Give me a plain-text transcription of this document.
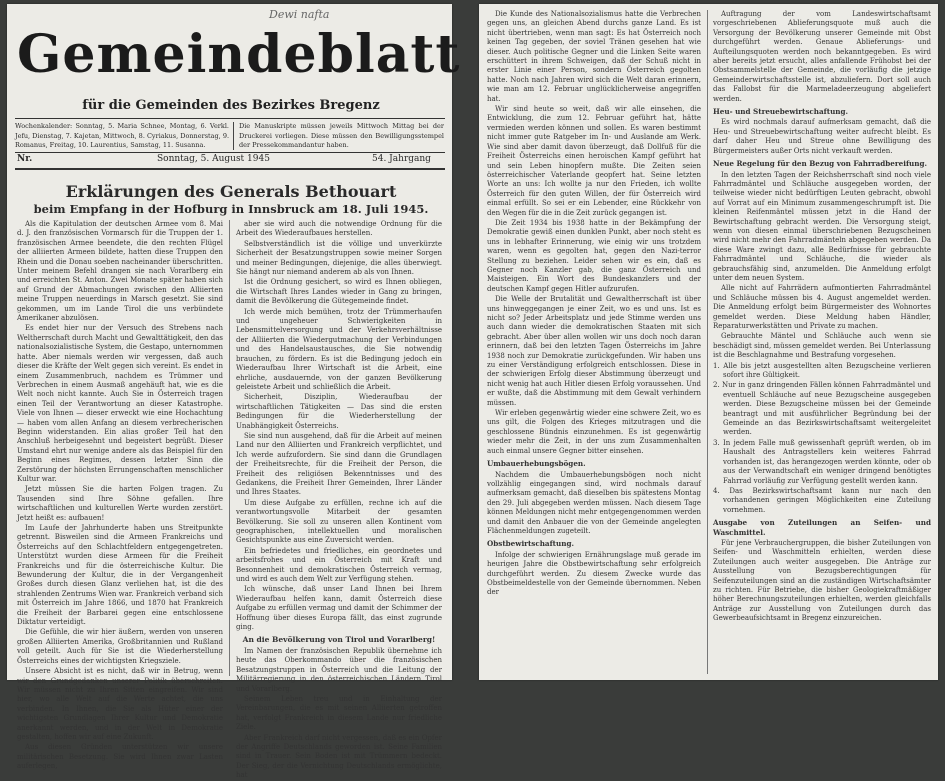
Dewi nafta
Gemeindeblatt
für die Gemeinden des Bezirkes Bregenz
Wochenkalender: Sonntag, 5. Maria Schnee, Montag, 6. Verkl. Jefu, Dienstag, 7. Kajetan, Mittwoch, 8. Cyriakus, Donnerstag, 9. Romanus, Freitag, 10. Laurentius, Samstag, 11. Susanna.
Die Manuskripte müssen jeweils Mittwoch Mittag bei der Druckerei vorliegen. Diese müssen den Bewilligungsstempel der Pressekommandantur haben.
Nr.	Sonntag, 5. August 1945	54. Jahrgang
Erklärungen des Generals Bethouart
beim Empfang in der Hofburg in Innsbruck am 18. Juli 1945.

Als die Kapitulation der deutschen Armee vom 8. Mai d. J. den französischen Vormarsch für die Truppen der 1. französischen Armee beendete, die den rechten Flügel der alliierten Armeen bildete, hatten diese Truppen den Rhein und die Donau soeben nacheinander überschritten. Unter meinem Befehl drangen sie nach Vorarlberg ein und erreichten St. Anton. Zwei Monate später haben sich auf Grund der Abmachungen zwischen den Alliierten meine Truppen neuerdings in Marsch gesetzt. Sie sind gekommen, um im Lande Tirol die uns verbündete Amerikaner abzulösen.

Es endet hier nur der Versuch des Strebens nach Weltherrschaft durch Macht und Gewalttätigkeit, den das nationalsozialistische System, die Gestapo, unternommen hatte. Aber niemals werden wir vergessen, daß auch dieser die Kräfte der Welt gegen sich vereint. Es endet in einem Zusammenbruch, nachdem es Trümmer und Verbrechen in einem Ausmaß angehäuft hat, wie es die Welt noch nicht kannte. Auch Sie in Österreich tragen einen Teil der Verantwortung an dieser Katastrophe. Viele von Ihnen — dieser erweckt wie eine Hochachtung — haben vom allen Anfang an diesem verbrecherischen Beginn widerstanden. Ein alias großer Teil hat den Anschluß herbeigesehnt und begeistert begrüßt. Dieser Umstand ehrt nur wenige andere als das Beispiel für den Beginn eines Regimes, dessen letzter Sinn die Zerstörung der höchsten Errungenschaften menschlicher Kultur war.

Jetzt müssen Sie die harten Folgen tragen. Zu Tausenden sind Ihre Söhne gefallen. Ihre wirtschaftlichen und kulturellen Werte wurden zerstört. Jetzt heißt es: aufbauen!

Im Laufe der Jahrhunderte haben uns Streitpunkte getrennt. Bisweilen sind die Armeen Frankreichs und Österreichs auf den Schlachtfeldern entgegengetreten. Unterstützt wurden diese Armeen für die Freiheit Frankreichs und für die österreichische Kultur. Die Bewunderung der Kultur, die in der Vergangenheit Großes durch diesen Glanz verliehen hat, ist die des strahlenden Zentrums Wien war. Frankreich verband sich mit Österreich im Jahre 1866, und 1870 hat Frankreich die Freiheit der Barbarei gegen eine entschlossene Diktatur verteidigt.

Die Gefühle, die wir hier äußern, werden von unseren großen Alliierten Amerika, Großbritannien und Rußland voll geteilt. Auch für Sie ist die Wiederherstellung Österreichs eines der wichtigsten Kriegsziele.

Unsere Absicht ist es nicht, daß wir in Betrug, wenn wir den Grundgedanken unserer Politik überschreiten. Wir müssen nicht zu Ihren Sitten eingreifen. Wir sind hier, wo alle Welt auf die Werte achtet, die uns verbinden. In Ihnen, die Sie als Hüter einer der wichtigsten Grundlagen Ihrer Kultur und Demokratie anerkannt werden, und in der Welt in Demokratie gestalten, hoffen wir auf eine Zukunft.

Aus diesen Gründen unterstützen wir unsere militärischen Besetzung. Sie wird Ihnen zwar Lasten auferlegen,

aber sie wird auch die notwendige Ordnung für die Arbeit des Wiederaufbaues herstellen.

Selbstverständlich ist die völlige und unverkürzte Sicherheit der Besatzungstruppen sowie meiner Sorgen und meiner Bedingungen, diejenige, die alles überwiegt. Sie hängt nur niemand anderem ab als von Ihnen.

Ist die Ordnung gesichert, so wird es Ihnen obliegen, die Wirtschaft Ihres Landes wieder in Gang zu bringen, damit die Bevölkerung die Gütegemeinde findet.

Ich werde mich bemühen, trotz der Trümmerhaufen und ungeheuer Schwierigkeiten in Lebensmittelversorgung und der Verkehrsverhältnisse der Alliierten die Wiedergutmachung der Verbindungen und des Handelsaustausches, die Sie notwendig brauchen, zu fördern. Es ist die Bedingung jedoch ein Wiederaufbau Ihrer Wirtschaft ist die Arbeit, eine ehrliche, ausdauernde, von der ganzen Bevölkerung geleistete Arbeit und schließlich die Arbeit.

Sicherheit, Disziplin, Wiederaufbau der wirtschaftlichen Tätigkeiten — Das sind die ersten Bedingungen für die Wiederherstellung der Unabhängigkeit Österreichs.

Sie sind nun ausgehend, daß für die Arbeit auf meinen Land nur den Alliierten und Frankreich verpflichtet, und Ich werde aufzufordern. Sie sind dann die Grundlagen der Freiheitsrechte, für die Freiheit der Person, die Freiheit des religiösen Bekenntnisses und des Gedankens, die Freiheit Ihrer Gemeinden, Ihrer Länder und Ihres Staates.

Um diese Aufgabe zu erfüllen, rechne ich auf die verantwortungsvolle Mitarbeit der gesamten Bevölkerung. Sie soll zu unseren allen Kontinent vom geographischen, intellektuellen und moralischen Gesichtspunkte aus eine Zuversicht werden.

Ein befriedetes und friedliches, ein geordnetes und arbeitsfrohes und ein Österreich mit Kraft und Besonnenheit und demokratischen Österreich vermag, und wird es auch dem Welt zur Verfügung stehen.

Ich wünsche, daß unser Land Ihnen bei Ihrem Wiederaufbau helfen kann, damit Österreich diese Aufgabe zu erfüllen vermag und damit der Schimmer der Hoffnung über dieses Europa fällt, das einst zugrunde ging.

An die Bevölkerung von Tirol und Vorarlberg!

Im Namen der französischen Republik übernehme ich heute das Oberkommando über die französischen Besatzungstruppen in Österreich und die Leitung der Militärregierung in den österreichischen Ländern Tirol und Vorarlberg.

Seinem Leben treu und in Einhaltung der Vereinbarungen, die es mit seinen Alliierten getroffen hat, verfolgt Frankreich in diesem Lande nur friedliche Ziele.

Aber Frankreich darf nicht vergessen, daß es ein Opfer der Angriffe Deutschlands geworden ist. Seine Familien sind in Trauer. Sein Boden ist mit Trümmern bedeckt. Der Sieg, der die Vernichtung Deutschlands ermöglichte, hat

Die Kunde des Nationalsozialismus hatte die Verbrechen gegen uns, an gleichen Abend durchs ganze Land. Es ist nicht übertrieben, wenn man sagt: Es hat Österreich noch keinen Tag gegeben, der soviel Tränen gesehen hat wie dieser. Auch politische Gegner und die Linken Seite waren erschüttert in ihrem Schweigen, daß der Schuß nicht in erster Linie einer Person, sondern Österreich gegolten hatte. Noch nach Jahren wird sich die Welt daran erinnern, wie man am 12. Februar unglücklicherweise angegriffen hat.

Wir sind heute so weit, daß wir alle einsehen, die Entwicklung, die zum 12. Februar geführt hat, hätte vermieden werden können und sollen. Es waren bestimmt nicht immer gute Ratgeber im In- und Auslande am Werk. Wie sind aber damit davon überzeugt, daß Dollfuß für die Freiheit Österreichs einen heroischen Kampf geführt hat und sein Leben hinopfern mußte. Die Zeiten seien österreichischer Vaterlande geopfert hat. Seine letzten Worte an uns: Ich wollte ja nur den Frieden, ich wollte Österreich für den guten Willen, der für Österreich wird einmal erfüllt. So sei er ein Lebender, eine Rückkehr von den Wegen für die in die Zeit zurück gegangen ist.

Die Zeit 1934 bis 1938 hatte in der Bekämpfung der Demokratie gewiß einen dunklen Punkt, aber noch steht es uns in lebhafter Erinnerung, wie einig wir uns trotzdem waren, wenn es gegolten hat, gegen den Nazi-terror Stellung zu beziehen. Leider sehen wir es ein, daß es Gegner noch Kanzler gab, die ganz Österreich und Maisteigen. Ein Wort des Bundeskanzlers und der deutschen Kampf gegen Hitler aufzurufen.

Die Welle der Brutalität und Gewaltherrschaft ist über uns hinweggegangen je einer Zeit, wo es und uns. Ist es nicht so? Jeder Arbeitsplatz und jede Stimme werden uns auch dann wieder die demokratischen Staaten mit sich gebracht. Aber über allen wollen wir uns doch noch daran erinnern, daß bei den letzten Tagen Österreichs im Jahre 1938 noch zur Demokratie zurückgefunden. Wir haben uns zu einer Verständigung erfolgreich entschlossen. Diese in der schwierigen Erfolg dieser Abstimmung überzeugt und nicht wenig hat auch Hitler diesen Erfolg voraussehen. Und er wußte, daß die Abstimmung mit dem Gewalt verhindern müssen.

Wir erleben gegenwärtig wieder eine schwere Zeit, wo es uns gilt, die Folgen des Krieges mitzutragen und die geschlossene Bündnis einzunehmen. Es ist gegenwärtig wieder mehr die Zeit, in der uns zum Zusammenhalten auch einmal unsere Gegner bitter einsehen.

Umbauerhebungsbögen.

Nachdem die Umbauerhebungsbögen noch nicht vollzählig eingegangen sind, wird nochmals darauf aufmerksam gemacht, daß dieselben bis spätestens Montag den 29. Juli abgegeben werden müssen. Nach diesem Tage können Meldungen nicht mehr entgegengenommen werden und damit den Anbauer die von der Gemeinde angelegten Flächenmeldungen zugeteilt.

Obstbewirtschaftung.

Infolge der schwierigen Ernährungslage muß gerade im heurigen Jahre die Obstbewirtschaftung sehr erfolgreich durchgeführt werden. Zu diesem Zwecke wurde das Obstbeimeldestelle von der Gemeinde übernommen. Neben der

Auftragung der vom Landeswirtschaftsamt vorgeschriebenen Ablieferungsquote muß auch die Versorgung der Bevölkerung unserer Gemeinde mit Obst durchgeführt werden. Genaue Ablieferungs- und Aufteilungsquoten werden noch bekanntgegeben. Es wird aber bereits jetzt ersucht, alles anfallende Frühobst bei der Obstsammelstelle der Gemeinde, die vorläufig die jetzige Gemeinderwirtschaftsstelle ist, abzuliefern. Dort soll auch das Fallobst für die Marmeladeerzeugung abgeliefert werden.

Heu- und Streuebewirtschaftung.

Es wird nochmals darauf aufmerksam gemacht, daß die Heu- und Streuebewirtschaftung weiter aufrecht bleibt. Es darf daher Heu und Streue ohne Bewilligung des Bürgermeisters außer Orts nicht verkauft werden.

Neue Regelung für den Bezug von Fahrradbereifung.

In den letzten Tagen der Reichsherrschaft sind noch viele Fahrradmäntel und Schläuche ausgegeben worden, der teilweise wieder nicht bedürftigen Leuten gebracht, obwohl auf Vorrat auf ein Minimum zusammengeschrumpft ist. Die kleinen Reifenmäntel müssen jetzt in die Hand der Bewirtschaftung gebracht werden. Die Versorgung steigt, wenn von diesen einmal überschriebenen Bezugscheinen wird nicht mehr den Fahrradmänteln abgegeben werden. Da diese Ware zwingt dazu, alle Bedürfnisse für gebrauchte Fahrradmäntel und Schläuche, die wieder als gebrauchsfähig sind, anzumelden. Die Anmeldung erfolgt unter dem neuen System.

Alle nicht auf Fahrrädern aufmontierten Fahrradmäntel und Schläuche müssen bis 4. August angemeldet werden. Die Anmeldung erfolgt beim Bürgermeister des Wohnortes gemeldet werden. Diese Meldung haben Händler, Reparaturwerkstätten und Private zu machen.

Gebrauchte Mäntel und Schläuche auch wenn sie beschädigt sind, müssen gemeldet werden. Bei Unterlassung ist die Beschlagnahme und Bestrafung vorgesehen.

1. Alle bis jetzt ausgestellten alten Bezugscheine verlieren sofort ihre Gültigkeit.

2. Nur in ganz dringenden Fällen können Fahrradmäntel und eventuell Schläuche auf neue Bezugscheine ausgegeben werden. Diese Bezugscheine müssen bei der Gemeinde beantragt und mit ausführlicher Begründung bei der Gemeinde an das Bezirkswirtschaftsamt weitergeleitet werden.

3. In jedem Falle muß gewissenhaft geprüft werden, ob im Haushalt des Antragstellers kein weiteres Fahrrad vorhanden ist, das herangezogen werden könnte, oder ob aus der Verwandtschaft ein weniger dringend benötigtes Fahrrad vorläufig zur Verfügung gestellt werden kann.

4. Das Bezirkswirtschaftsamt kann nur nach den vorhandenen geringen Möglichkeiten eine Zuteilung vornehmen.

Ausgabe von Zuteilungen an Seifen- und Waschmittel.

Für jene Verbrauchergruppen, die bisher Zuteilungen von Seifen- und Waschmitteln erhielten, werden diese Zuteilungen auch weiter ausgegeben. Die Anträge zur Ausstellung von Bezugsberechtigungen für Seifenzuteilungen sind an die zuständigen Wirtschaftsämter zu richten. Für Betriebe, die bisher Geologiekraftmäßiger höher Berechnungszuteilungen erhielten, werden gleichfalls Anträge zur Ausstellung von Zuteilungen durch das Gewerbeaufsichtsamt in Bregenz einzureichen.
